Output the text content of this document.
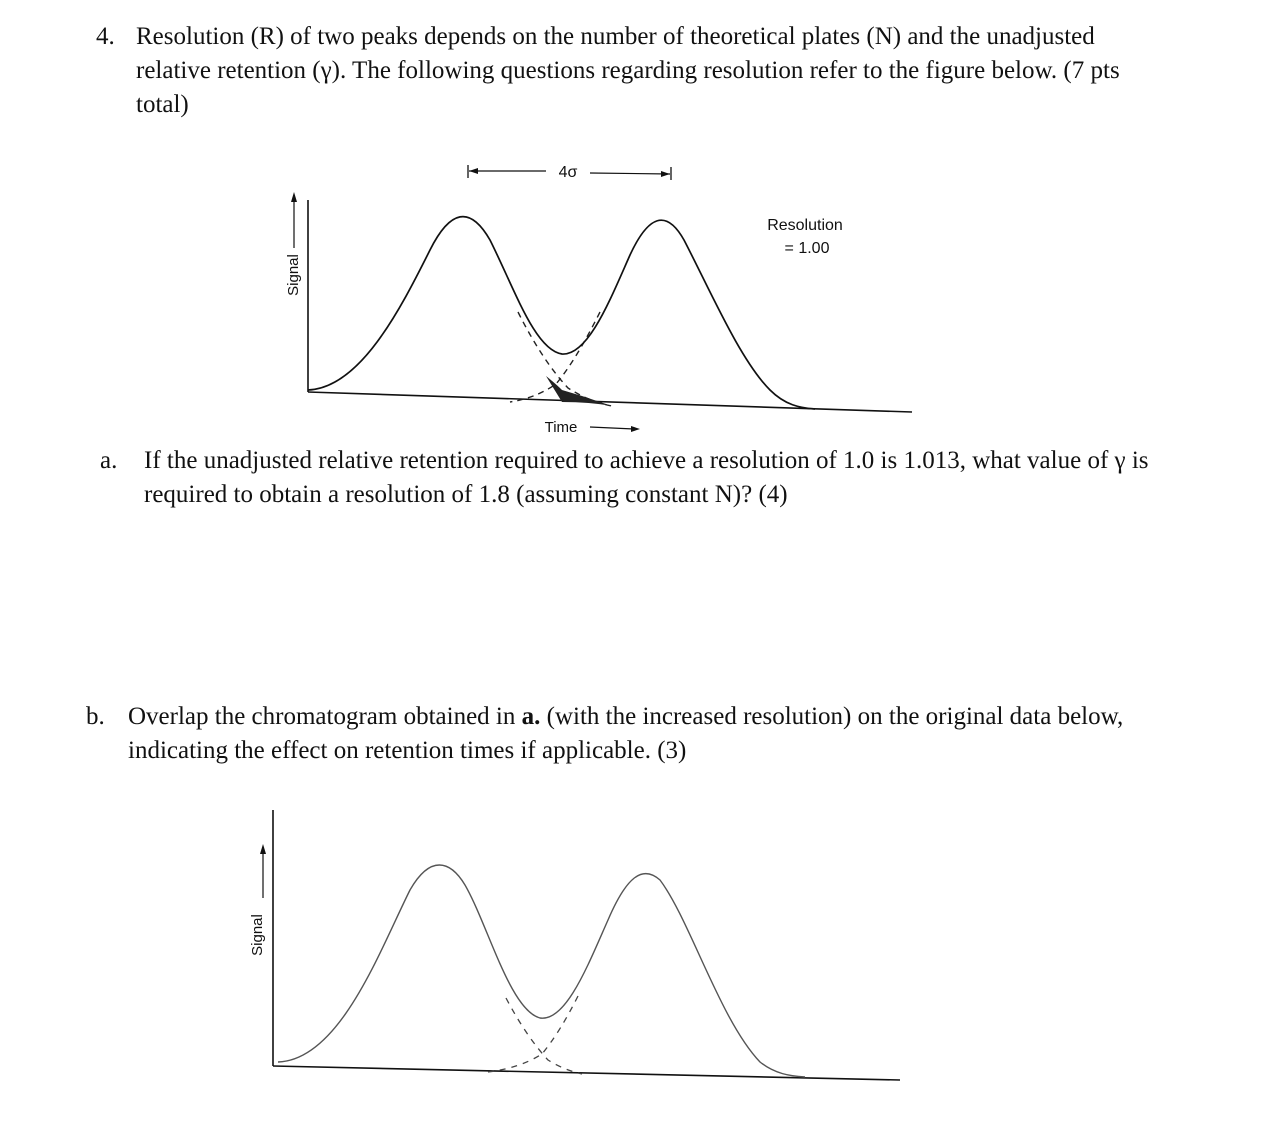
4. Resolution (R) of two peaks depends on the number of theoretical plates (N) and the unadjusted relative retention (γ). The following questions regarding resolution refer to the figure below. (7 pts total)
Signal
4σ
Resolution
= 1.00
Time
a. If the unadjusted relative retention required to achieve a resolution of 1.0 is 1.013, what value of γ is required to obtain a resolution of 1.8 (assuming constant N)? (4)
b. Overlap the chromatogram obtained in a. (with the increased resolution) on the original data below, indicating the effect on retention times if applicable. (3)
Signal
